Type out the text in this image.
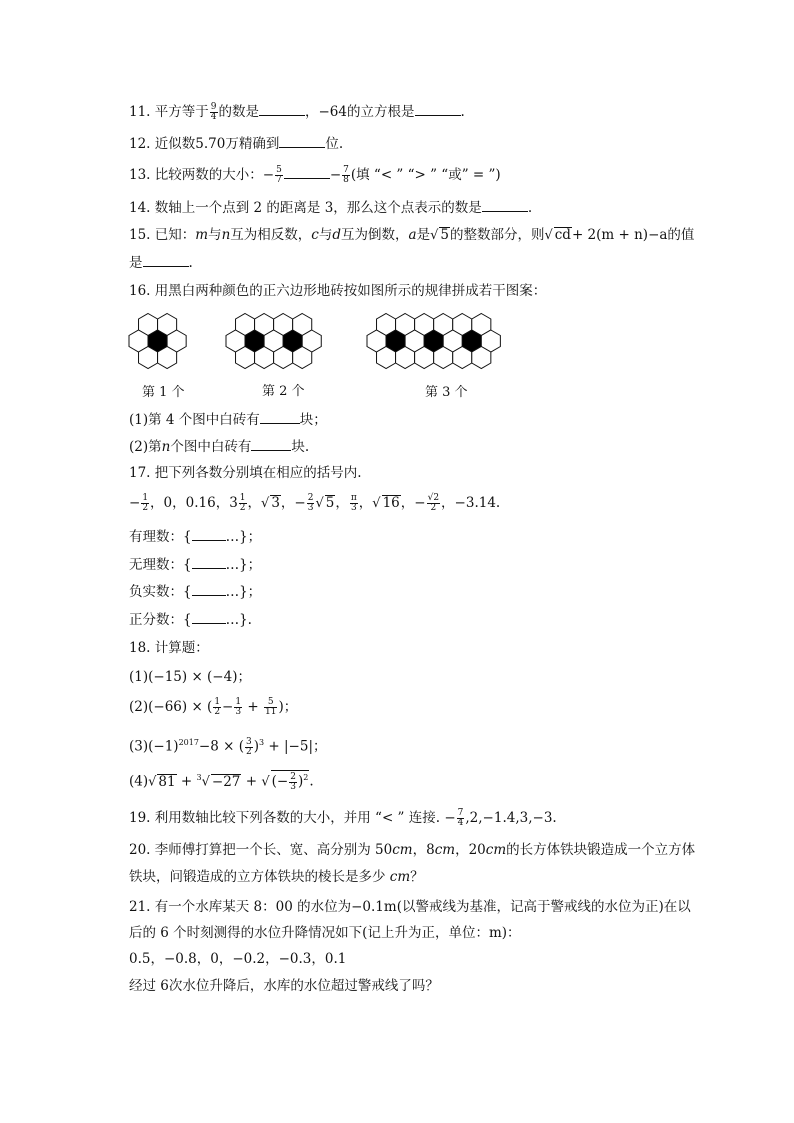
11. 平方等于 $\frac{9}{4}$ 的数是	，−64的立方根是	.
12. 近似数5.70万精确到	位.
13. 比较两数的大小：− $\frac{5}{7}$	− $\frac{7}{8}$ (填 “< ” “> ” “或” = ”)
14. 数轴上一个点到 2 的距离是 3，那么这个点表示的数是	.
15. 已知：m与n互为相反数，c与d互为倒数，a是√ 5的整数部分，则√ cd+ 2(m + n)−a的值
是	.
16. 用黑白两种颜色的正六边形地砖按如图所示的规律拼成若干图案：
第 1 个	第 2 个	第 3 个
(1)第 4 个图中白砖有	块；
(2)第n个图中白砖有	块.
17. 把下列各数分别填在相应的括号内.
− $\frac{1}{2}$ ，0，0.16，$3 \frac{1}{2}$ ，√ 3，− $\frac{2}{3}$ √ 5， $\frac{\pi}{3}$ ，√ 16，− $\frac{√2}{2}$ ，−3.14.
有理数：{	…}；
无理数：{	…}；
负实数：{	…}；
正分数：{	…}.
18. 计算题：
(1)(−15) × (−4)；
(2)(−66) × ( $\frac{1}{2} - \frac{1}{3} + \frac{5}{11}$ )；
$(3)(-1)^{2017}-8$ × ( $\frac{3}{2} )^3 + |-5|$；
(4)√ 81 + $^3$√ −27 + √ (− $\frac{2}{3} )^2$.
19. 利用数轴比较下列各数的大小，并用 “< ” 连接. − $\frac{7}{4} ,2,-1.4,3,-3$.
20. 李师傅打算把一个长、宽、高分别为 50cm，8cm，20cm的长方体铁块锻造成一个立方体
铁块，问锻造成的立方体铁块的棱长是多少 cm？
21. 有一个水库某天 8：00 的水位为−0.1m(以警戒线为基准，记高于警戒线的水位为正)在以
后的 6 个时刻测得的水位升降情况如下(记上升为正，单位：m)：
0.5，−0.8，0，−0.2，−0.3，0.1
经过 6次水位升降后，水库的水位超过警戒线了吗？
